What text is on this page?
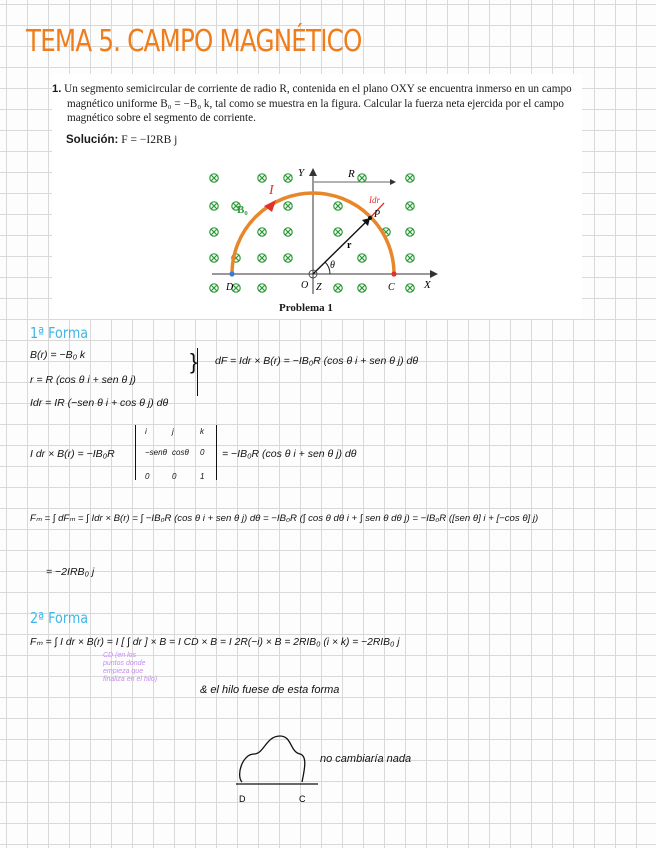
TEMA 5. CAMPO MAGNÉTICO
1. Un segmento semicircular de corriente de radio R, contenida en el plano OXY se encuentra inmerso en un campo magnético uniforme B₀ = −B₀ k, tal como se muestra en la figura. Calcular la fuerza neta ejercida por el campo magnético sobre el segmento de corriente.
Solución: F = −I2RB j
Y
X
R
I
B₀	P
Idr
r
θ
D	C
O Z
Problema 1
1ª Forma
B(r) = −B₀ k
r = R (cos θ i + sen θ j)
Idr = IR (−sen θ i + cos θ j) dθ
} dF = Idr × B(r) = −IB₀R (cos θ i + sen θ j) dθ
I dr × B(r) = −IB₀R
i	j	k
−senθ cosθ 0
0	0	1
= −IB₀R (cos θ i + sen θ j) dθ
Fₘ = ∫ dFₘ = ∫ Idr × B(r) = ∫ −IB₀R (cos θ i + sen θ j) dθ = −IB₀R (∫ cos θ dθ i + ∫ sen θ dθ j) = −IB₀R ([sen θ] i + [−cos θ] j)
= −2IRB₀ j
2ª Forma
Fₘ = ∫ I dr × B(r) = I [ ∫ dr ] × B = I CD × B = I 2R(−i) × B = 2RIB₀ (i × k) = −2RIB₀ j
CD (en los puntos donde empieza que finaliza en el hilo)
& el hilo fuese de esta forma
D	C
no cambiaría nada
